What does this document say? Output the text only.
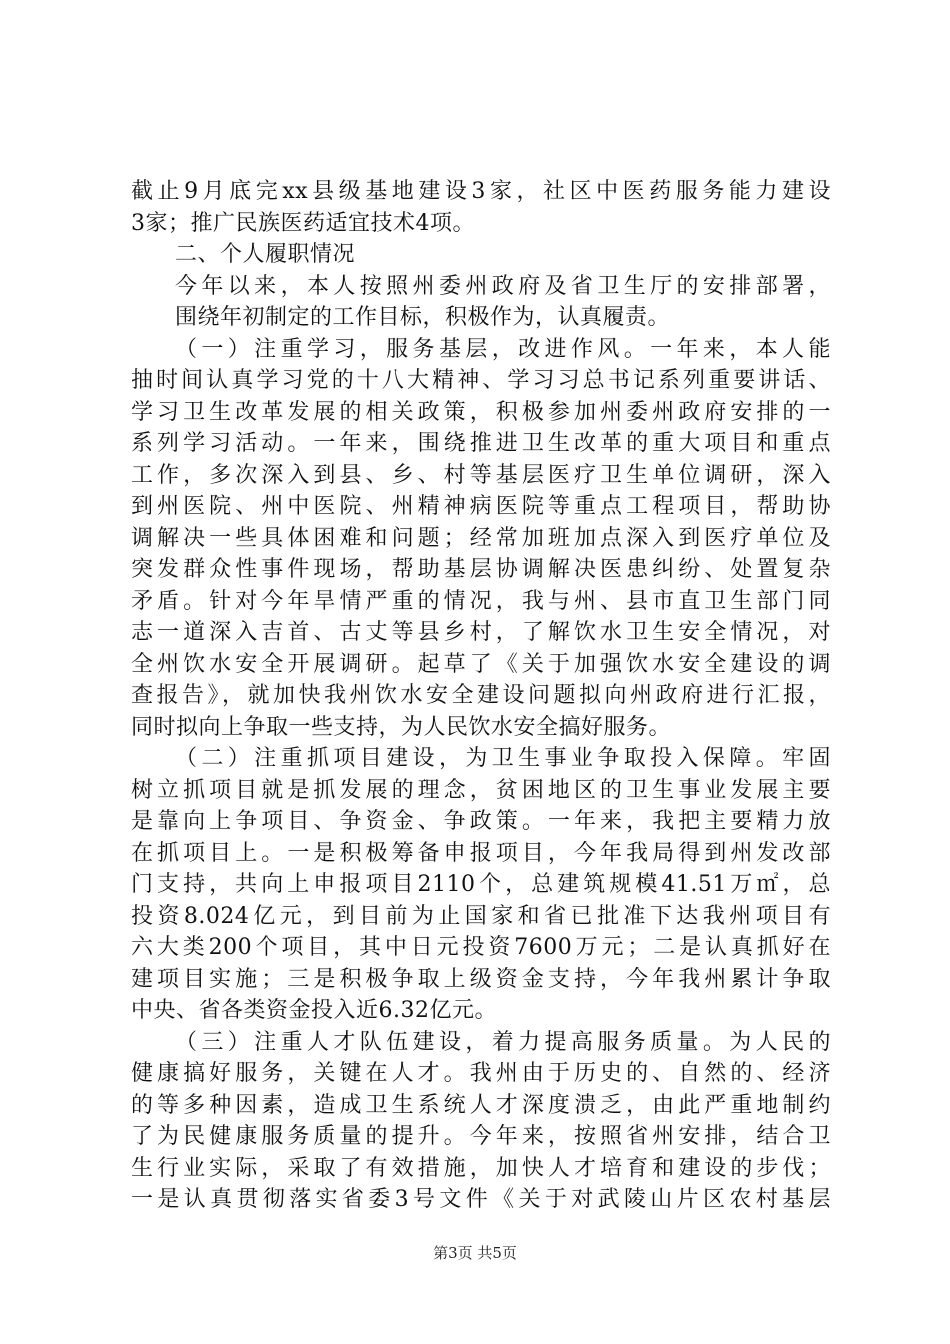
截止9月底完xx县级基地建设3家，社区中医药服务能力建设
3家；推广民族医药适宜技术4项。
二、个人履职情况
今年以来，本人按照州委州政府及省卫生厅的安排部署，
围绕年初制定的工作目标，积极作为，认真履责。
（一）注重学习，服务基层，改进作风。一年来，本人能
抽时间认真学习党的十八大精神、学习习总书记系列重要讲话、
学习卫生改革发展的相关政策，积极参加州委州政府安排的一
系列学习活动。一年来，围绕推进卫生改革的重大项目和重点
工作，多次深入到县、乡、村等基层医疗卫生单位调研，深入
到州医院、州中医院、州精神病医院等重点工程项目，帮助协
调解决一些具体困难和问题；经常加班加点深入到医疗单位及
突发群众性事件现场，帮助基层协调解决医患纠纷、处置复杂
矛盾。针对今年旱情严重的情况，我与州、县市直卫生部门同
志一道深入吉首、古丈等县乡村，了解饮水卫生安全情况，对
全州饮水安全开展调研。起草了《关于加强饮水安全建设的调
查报告》，就加快我州饮水安全建设问题拟向州政府进行汇报，
同时拟向上争取一些支持，为人民饮水安全搞好服务。
（二）注重抓项目建设，为卫生事业争取投入保障。牢固
树立抓项目就是抓发展的理念，贫困地区的卫生事业发展主要
是靠向上争项目、争资金、争政策。一年来，我把主要精力放
在抓项目上。一是积极筹备申报项目，今年我局得到州发改部
门支持，共向上申报项目2110个，总建筑规模41.51万㎡，总
投资8.024亿元，到目前为止国家和省已批准下达我州项目有
六大类200个项目，其中日元投资7600万元；二是认真抓好在
建项目实施；三是积极争取上级资金支持，今年我州累计争取
中央、省各类资金投入近6.32亿元。
（三）注重人才队伍建设，着力提高服务质量。为人民的
健康搞好服务，关键在人才。我州由于历史的、自然的、经济
的等多种因素，造成卫生系统人才深度溃乏，由此严重地制约
了为民健康服务质量的提升。今年来，按照省州安排，结合卫
生行业实际，采取了有效措施，加快人才培育和建设的步伐；
一是认真贯彻落实省委3号文件《关于对武陵山片区农村基层
第3页 共5页
